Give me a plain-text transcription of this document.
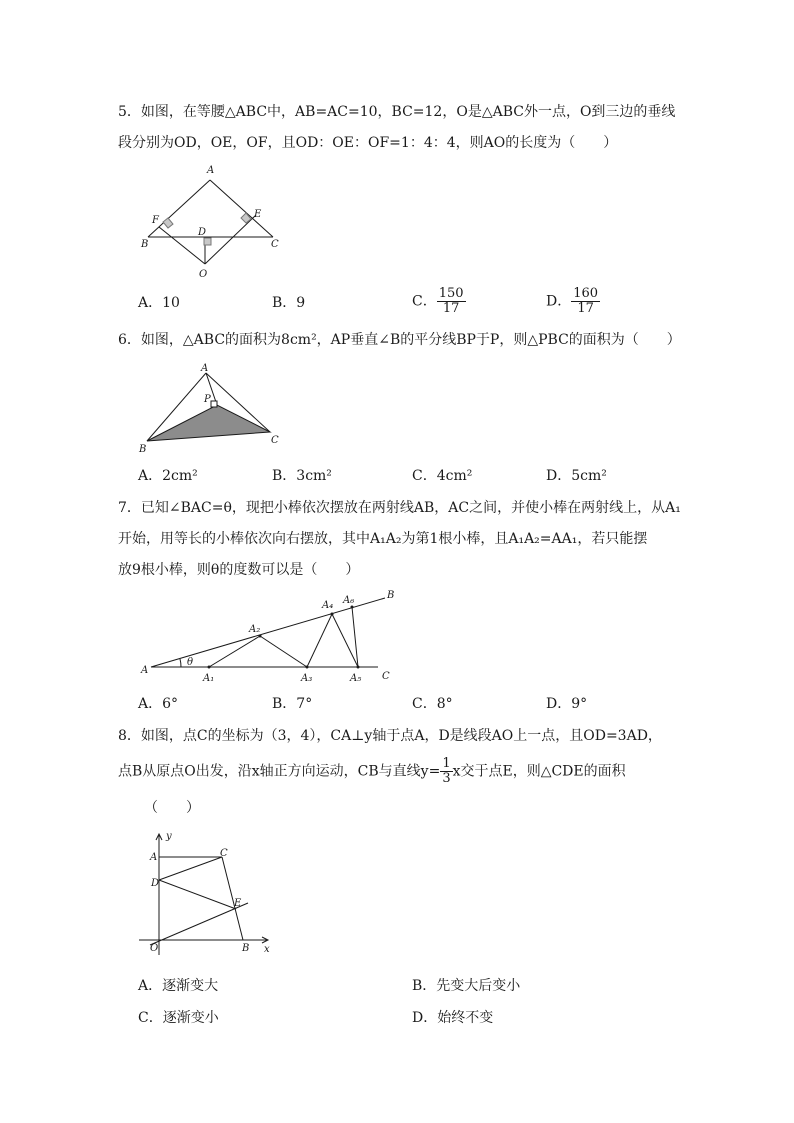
5．如图，在等腰△ABC中，AB=AC=10，BC=12，O是△ABC外一点，O到三边的垂线
段分别为OD，OE，OF，且OD：OE：OF=1：4：4，则AO的长度为（　　）
A
F
E
D
B	C
O
A．10	B．9	C． $\frac{150}{17}$	D． $\frac{160}{17}$
6．如图，△ABC的面积为8cm²，AP垂直∠B的平分线BP于P，则△PBC的面积为（　　）
A
P
B
C
A．2cm²	B．3cm²	C．4cm²	D．5cm²
7．已知∠BAC=θ，现把小棒依次摆放在两射线AB，AC之间，并使小棒在两射线上，从A₁
开始，用等长的小棒依次向右摆放，其中A₁A₂为第1根小棒，且A₁A₂=AA₁，若只能摆
放9根小棒，则θ的度数可以是（　　）
A
θ
A₁
A₂
A₃
A₄
A₅
A₆	B
C
A．6°	B．7°	C．8°	D．9°
8．如图，点C的坐标为（3，4），CA⊥y轴于点A，D是线段AO上一点，且OD=3AD，
点B从原点O出发，沿x轴正方向运动，CB与直线$y= \frac{1}{3}$ x交于点E，则△CDE的面积
（　　）
y
x
A	C
D
E
O	B
A．逐渐变大	B．先变大后变小
C．逐渐变小	D．始终不变
